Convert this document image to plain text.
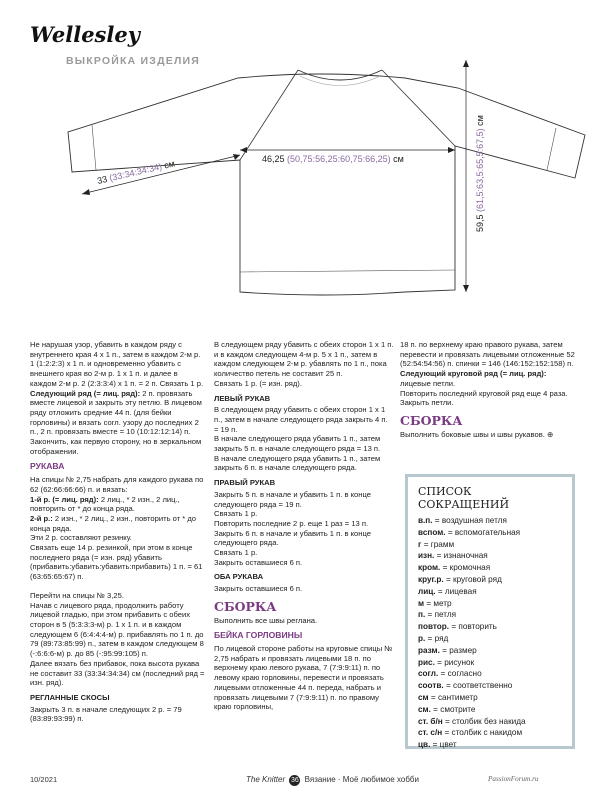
Wellesley
ВЫКРОЙКА ИЗДЕЛИЯ
33 (33:34:34:34) см	46,25 (50,75:56,25:60,75:66,25) см
59,5 (61,5:63,5:65,5:67,5) см

Не нарушая узор, убавить в каждом ряду с внутреннего края 4 х 1 п., затем в каждом 2-м р. 1 (1:2:2:3) х 1 п. и одновременно убавить с внешнего края во 2-м р. 1 х 1 п. и далее в каждом 2-м р. 2 (2:3:3:4) х 1 п. = 2 п. Связать 1 р.

Следующий ряд (= лиц. ряд): 2 п. провязать вместе лицевой и закрыть эту петлю. В лицевом ряду отложить средние 44 п. (для бейки горловины) и вязать согл. узору до последних 2 п., 2 п. провязать вместе = 10 (10:12:12:14) п.

Закончить, как первую сторону, но в зеркальном отображении.

РУКАВА

На спицы № 2,75 набрать для каждого рукава по 62 (62:66:66:66) п. и вязать:

1-й р. (= лиц. ряд): 2 лиц., * 2 изн., 2 лиц., повторить от * до конца ряда.

2-й р.: 2 изн., * 2 лиц., 2 изн., повторить от * до конца ряда.

Эти 2 р. составляют резинку.

Связать еще 14 р. резинкой, при этом в конце последнего ряда (= изн. ряд) убавить (прибавить:убавить:убавить:прибавить) 1 п. = 61 (63:65:65:67) п.

Перейти на спицы № 3,25.

Начав с лицевого ряда, продолжить работу лицевой гладью, при этом прибавить с обеих сторон в 5 (5:3:3:3-м) р. 1 х 1 п. и в каждом следующем 6 (6:4:4:4-м) р. прибавлять по 1 п. до 79 (89:73:85:99) п., затем в каждом следующем 8 (-:6:6:6-м) р. до 85 (-:95:99:105) п.

Далее вязать без прибавок, пока высота рукава не составит 33 (33:34:34:34) см (последний ряд = изн. ряд).

РЕГЛАННЫЕ СКОСЫ

Закрыть 3 п. в начале следующих 2 р. = 79 (83:89:93:99) п.

В следующем ряду убавить с обеих сторон 1 х 1 п. и в каждом следующем 4-м р. 5 х 1 п., затем в каждом следующем 2-м р. убавлять по 1 п., пока количество петель не составит 25 п.

Связать 1 р. (= изн. ряд).

ЛЕВЫЙ РУКАВ

В следующем ряду убавить с обеих сторон 1 х 1 п., затем в начале следующего ряда закрыть 4 п. = 19 п.

В начале следующего ряда убавить 1 п., затем закрыть 5 п. в начале следующего ряда = 13 п.

В начале следующего ряда убавить 1 п., затем закрыть 6 п. в начале следующего ряда.

ПРАВЫЙ РУКАВ

Закрыть 5 п. в начале и убавить 1 п. в конце следующего ряда = 19 п.

Связать 1 р.

Повторить последние 2 р. еще 1 раз = 13 п.

Закрыть 6 п. в начале и убавить 1 п. в конце следующего ряда.

Связать 1 р.

Закрыть оставшиеся 6 п.

ОБА РУКАВА

Закрыть оставшиеся 6 п.

СБОРКА

Выполнить все швы реглана.

БЕЙКА ГОРЛОВИНЫ

По лицевой стороне работы на круговые спицы № 2,75 набрать и провязать лицевыми 18 п. по верхнему краю левого рукава, 7 (7:9:9:11) п. по левому краю горловины, перевести и провязать лицевыми отложенные 44 п. переда, набрать и провязать лицевыми 7 (7:9:9:11) п. по правому краю горловины,

18 п. по верхнему краю правого рукава, затем перевести и провязать лицевыми отложенные 52 (52:54:54:56) п. спинки = 146 (146:152:152:158) п.

Следующий круговой ряд (= лиц. ряд): лицевые петли.

Повторить последний круговой ряд еще 4 раза.

Закрыть петли.

СБОРКА

Выполнить боковые швы и швы рукавов. ⊕

СПИСОК СОКРАЩЕНИЙ
в.п. = воздушная петля
вспом. = вспомогательная
г = грамм
изн. = изнаночная
кром. = кромочная
круг.р. = круговой ряд
лиц. = лицевая
м = метр
п. = петля
повтор. = повторить
р. = ряд
разм. = размер
рис. = рисунок
согл. = согласно
соотв. = соответственно
см = сантиметр
см. = смотрите
ст. б/н = столбик без накида
ст. с/н = столбик с накидом
цв. = цвет
10/2021	The Knitter 36 Вязание · Моё любимое хобби	PassionForum.ru
